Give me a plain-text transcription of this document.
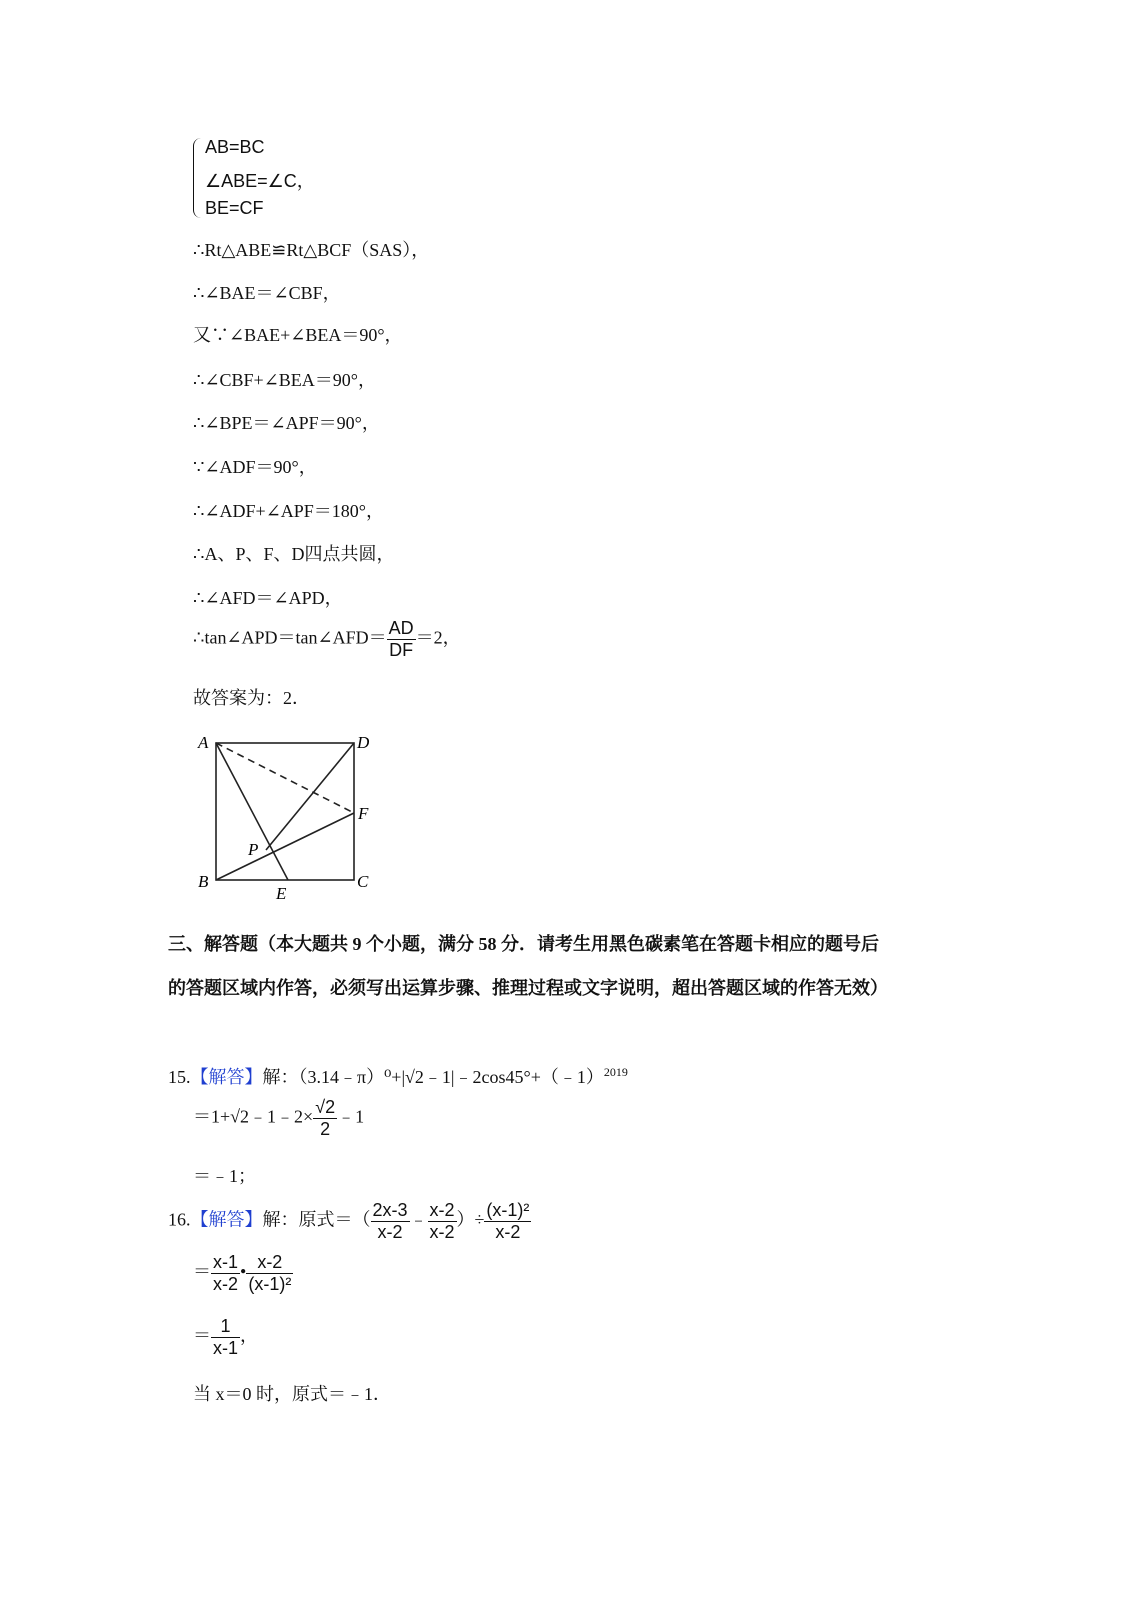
AB=BC
∠ABE=∠C，
BE=CF
∴Rt△ABE≌Rt△BCF（SAS），
∴∠BAE＝∠CBF，
又∵∠BAE+∠BEA＝90°，
∴∠CBF+∠BEA＝90°，
∴∠BPE＝∠APF＝90°，
∵∠ADF＝90°，
∴∠ADF+∠APF＝180°，
∴A、P、F、D四点共圆，
∴∠AFD＝∠APD，
∴tan∠APD＝tan∠AFD＝ $\frac{AD}{DF} =2$，
故答案为：2．
A	D
F
P
B
E
C
三、解答题（本大题共 9 个小题，满分 58 分．请考生用黑色碳素笔在答题卡相应的题号后
的答题区域内作答，必须写出运算步骤、推理过程或文字说明，超出答题区域的作答无效）
15.【解答】解：（3.14﹣π）⁰+|√2﹣1|﹣2cos45°+（﹣1）$^{2019}$
＝1+√2﹣1﹣2× $\frac{√2}{2}$ ﹣1
＝﹣1；
16.【解答】解：原式＝（ $\frac{2x-3}{x-2}$ ﹣ $\frac{x-2}{x-2}$ ）÷ $\frac{\text{(x-1)²}}{x-2}$
＝ $\frac{x-1}{x-2}$ • $\frac{x-2}{\text{(x-1)²}}$
＝ $\frac{1}{x-1}$ ，
当 x＝0 时，原式＝﹣1．
